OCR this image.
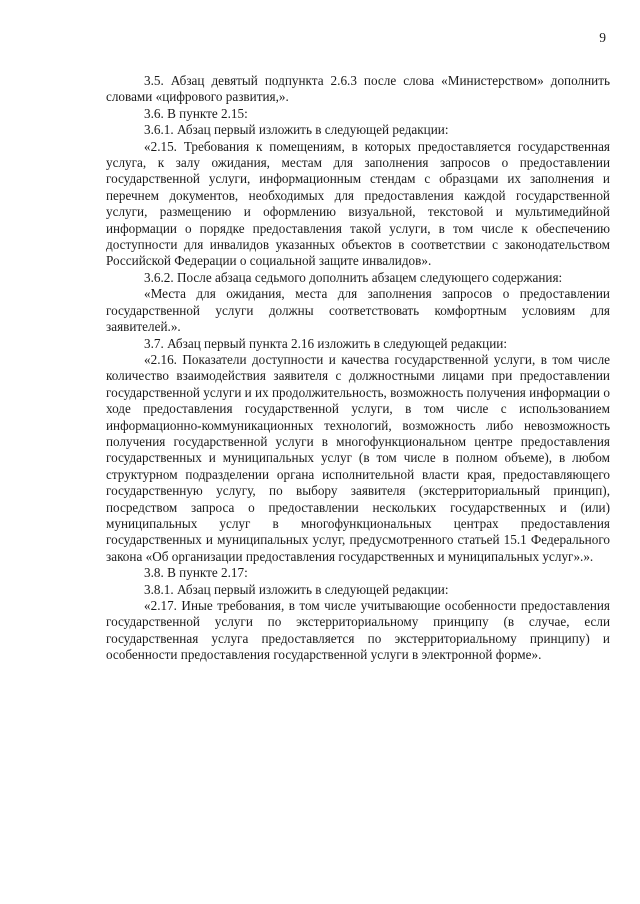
9

3.5. Абзац девятый подпункта 2.6.3 после слова «Министерством» дополнить словами «цифрового развития,».

3.6. В пункте 2.15:

3.6.1. Абзац первый изложить в следующей редакции:

«2.15. Требования к помещениям, в которых предоставляется государственная услуга, к залу ожидания, местам для заполнения запросов о предоставлении государственной услуги, информационным стендам с образцами их заполнения и перечнем документов, необходимых для предоставления каждой государственной услуги, размещению и оформлению визуальной, текстовой и мультимедийной информации о порядке предоставления такой услуги, в том числе к обеспечению доступности для инвалидов указанных объектов в соответствии с законодательством Российской Федерации о социальной защите инвалидов».

3.6.2. После абзаца седьмого дополнить абзацем следующего содержания:

«Места для ожидания, места для заполнения запросов о предоставлении государственной услуги должны соответствовать комфортным условиям для заявителей.».

3.7. Абзац первый пункта 2.16 изложить в следующей редакции:

«2.16. Показатели доступности и качества государственной услуги, в том числе количество взаимодействия заявителя с должностными лицами при предоставлении государственной услуги и их продолжительность, возможность получения информации о ходе предоставления государственной услуги, в том числе с использованием информационно-коммуникационных технологий, возможность либо невозможность получения государственной услуги в многофункциональном центре предоставления государственных и муниципальных услуг (в том числе в полном объеме), в любом структурном подразделении органа исполнительной власти края, предоставляющего государственную услугу, по выбору заявителя (экстерриториальный принцип), посредством запроса о предоставлении нескольких государственных и (или) муниципальных услуг в многофункциональных центрах предоставления государственных и муниципальных услуг, предусмотренного статьей 15.1 Федерального закона «Об организации предоставления государственных и муниципальных услуг».».

3.8. В пункте 2.17:

3.8.1. Абзац первый изложить в следующей редакции:

«2.17. Иные требования, в том числе учитывающие особенности предоставления государственной услуги по экстерриториальному принципу (в случае, если государственная услуга предоставляется по экстерриториальному принципу) и особенности предоставления государственной услуги в электронной форме».
